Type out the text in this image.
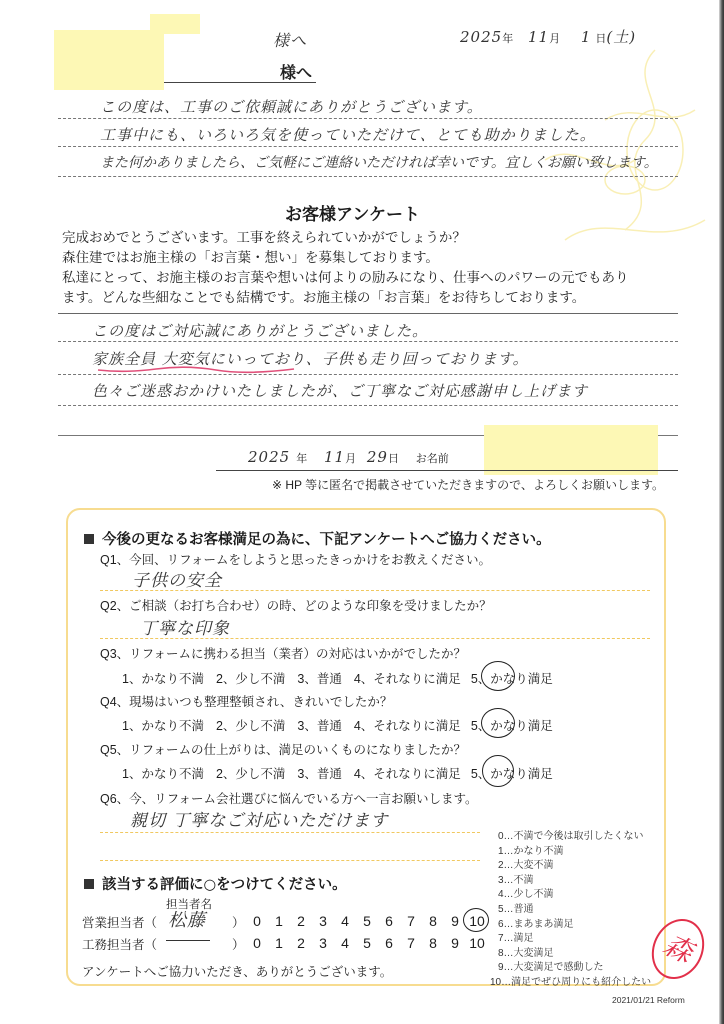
様へ
様へ
2025年 11月 1 日(土)
この度は、工事のご依頼誠にありがとうございます。
工事中にも、いろいろ気を使っていただけて、とても助かりました。
また何かありましたら、ご気軽にご連絡いただければ幸いです。宜しくお願い致します。
お客様アンケート
完成おめでとうございます。工事を終えられていかがでしょうか？
森住建ではお施主様の「お言葉・想い」を募集しております。
私達にとって、お施主様のお言葉や想いは何よりの励みになり、仕事へのパワーの元でもあり
ます。どんな些細なことでも結構です。お施主様の「お言葉」をお待ちしております。
この度はご対応誠にありがとうございました。
家族全員 大変気にいっており、子供も走り回っております。
色々ご迷惑おかけいたしましたが、ご丁寧なご対応感謝申し上げます
2025 年 11月 29日 お名前
※ HP 等に匿名で掲載させていただきますので、よろしくお願いします。
今後の更なるお客様満足の為に、下記アンケートへご協力ください。
Q1、今回、リフォームをしようと思ったきっかけをお教えください。
子供の安全
Q2、ご相談（お打ち合わせ）の時、どのような印象を受けましたか？
丁寧な印象
Q3、リフォームに携わる担当（業者）の対応はいかがでしたか？
1、かなり不満 2、少し不満 3、普通 4、それなりに満足 5、かなり満足
Q4、現場はいつも整理整頓され、きれいでしたか？
1、かなり不満 2、少し不満 3、普通 4、それなりに満足 5、かなり満足
Q5、リフォームの仕上がりは、満足のいくものになりましたか？
1、かなり不満 2、少し不満 3、普通 4、それなりに満足 5、かなり満足
Q6、今、リフォーム会社選びに悩んでいる方へ一言お願いします。
親切 丁寧なご対応いただけます
該当する評価に○をつけてください。
担当者名
営業担当者（ 松藤 ） 0 1 2 3 4 5 6 7 8 9 10
工務担当者（	） 0 1 2 3 4 5 6 7 8 9 10
アンケートへご協力いただき、ありがとうございます。
0…不満で今後は取引したくない
1…かなり不満
2…大変不満
3…不満
4…少し不満
5…普通
6…まあまあ満足
7…満足
8…大変満足
9…大変満足で感動した
10…満足でぜひ周りにも紹介したい
森
2021/01/21 Reform
